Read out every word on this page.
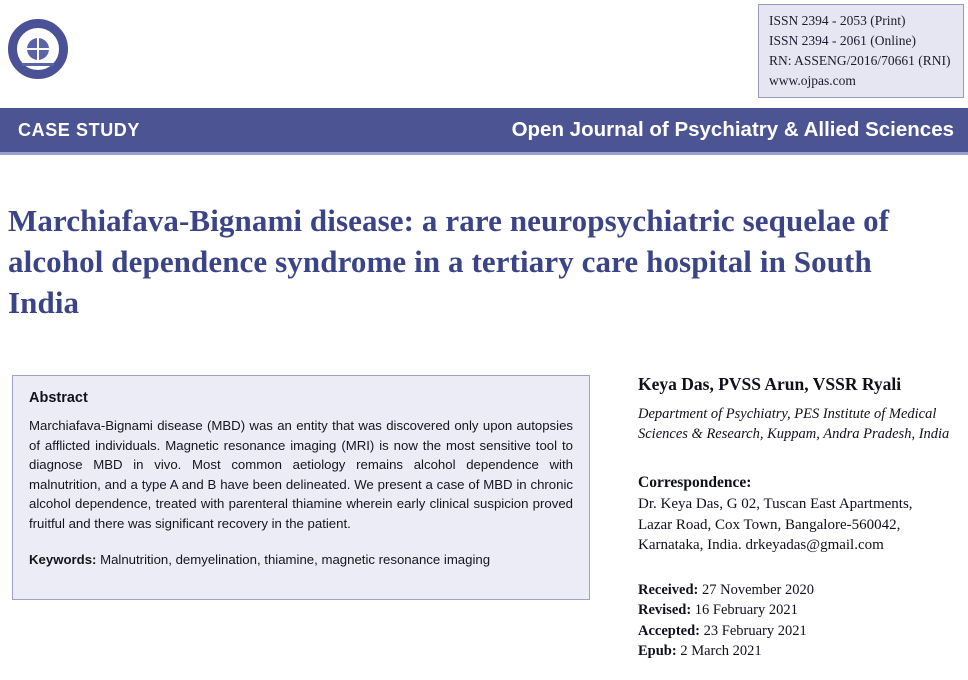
ISSN 2394 - 2053 (Print)
ISSN 2394 - 2061 (Online)
RN: ASSENG/2016/70661 (RNI)
www.ojpas.com
CASE STUDY	Open Journal of Psychiatry & Allied Sciences
Marchiafava-Bignami disease: a rare neuropsychiatric sequelae of alcohol dependence syndrome in a tertiary care hospital in South India
Abstract
Marchiafava-Bignami disease (MBD) was an entity that was discovered only upon autopsies of afflicted individuals. Magnetic resonance imaging (MRI) is now the most sensitive tool to diagnose MBD in vivo. Most common aetiology remains alcohol dependence with malnutrition, and a type A and B have been delineated. We present a case of MBD in chronic alcohol dependence, treated with parenteral thiamine wherein early clinical suspicion proved fruitful and there was significant recovery in the patient.
Keywords: Malnutrition, demyelination, thiamine, magnetic resonance imaging
Keya Das, PVSS Arun, VSSR Ryali
Department of Psychiatry, PES Institute of Medical Sciences & Research, Kuppam, Andra Pradesh, India
Correspondence:
Dr. Keya Das, G 02, Tuscan East Apartments,
Lazar Road, Cox Town, Bangalore-560042,
Karnataka, India. drkeyadas@gmail.com
Received: 27 November 2020
Revised: 16 February 2021
Accepted: 23 February 2021
Epub: 2 March 2021
